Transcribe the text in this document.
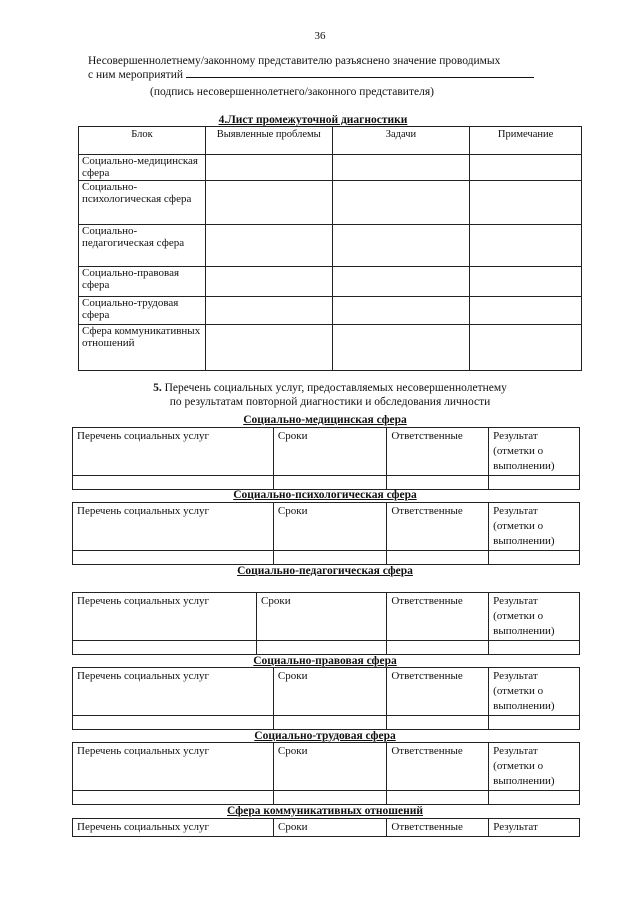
36
Несовершеннолетнему/законному представителю разъяснено значение проводимых
с ним мероприятий
(подпись несовершеннолетнего/законного представителя)
4.Лист промежуточной диагностики
Блок	Выявленные проблемы	Задачи	Примечание
Социально-медицинская сфера			
Социально-психологическая сфера			
Социально-педагогическая сфера			
Социально-правовая сфера			
Социально-трудовая сфера			
Сфера коммуникативных отношений			
5. Перечень социальных услуг, предоставляемых несовершеннолетнему
по результатам повторной диагностики и обследования личности
Социально-медицинская сфера
Перечень социальных услуг	Сроки	Ответственные	Результат (отметки о выполнении)

Социально-психологическая сфера
Перечень социальных услуг	Сроки	Ответственные	Результат (отметки о выполнении)

Социально-педагогическая сфера
Перечень социальных услуг	Сроки	Ответственные	Результат (отметки о выполнении)

Социально-правовая сфера
Перечень социальных услуг	Сроки	Ответственные	Результат (отметки о выполнении)

Социально-трудовая сфера
Перечень социальных услуг	Сроки	Ответственные	Результат (отметки о выполнении)

Сфера коммуникативных отношений
Перечень социальных услуг	Сроки	Ответственные	Результат
